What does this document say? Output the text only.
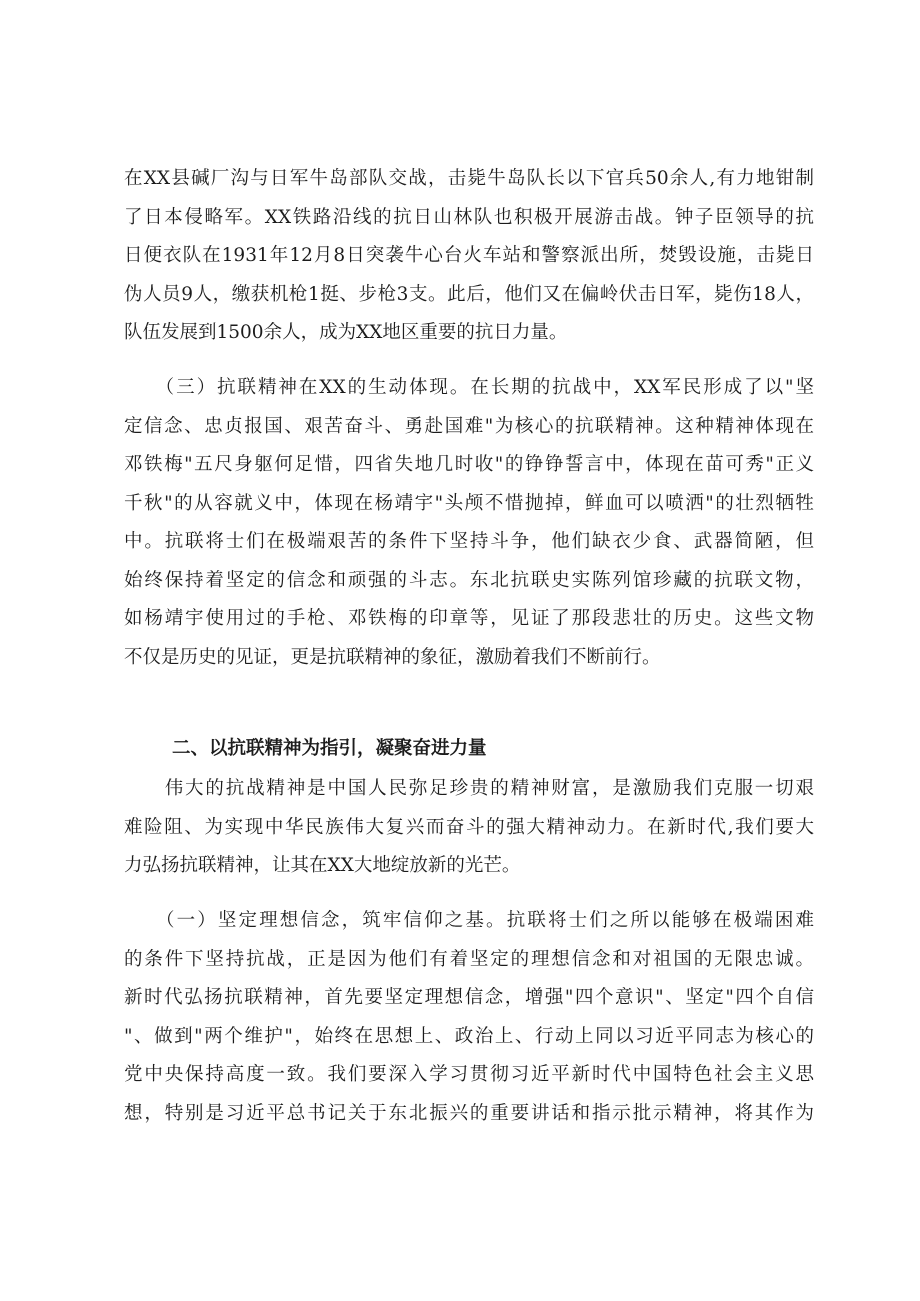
在XX县碱厂沟与日军牛岛部队交战，击毙牛岛队长以下官兵50余人,有力地钳制
了日本侵略军。XX铁路沿线的抗日山林队也积极开展游击战。钟子臣领导的抗
日便衣队在1931年12月8日突袭牛心台火车站和警察派出所，焚毁设施，击毙日
伪人员9人，缴获机枪1挺、步枪3支。此后，他们又在偏岭伏击日军，毙伤18人，
队伍发展到1500余人，成为XX地区重要的抗日力量。
　　（三）抗联精神在XX的生动体现。在长期的抗战中，XX军民形成了以"坚
定信念、忠贞报国、艰苦奋斗、勇赴国难"为核心的抗联精神。这种精神体现在
邓铁梅"五尺身躯何足惜，四省失地几时收"的铮铮誓言中，体现在苗可秀"正义
千秋"的从容就义中，体现在杨靖宇"头颅不惜抛掉，鲜血可以喷洒"的壮烈牺牲
中。抗联将士们在极端艰苦的条件下坚持斗争，他们缺衣少食、武器简陋，但
始终保持着坚定的信念和顽强的斗志。东北抗联史实陈列馆珍藏的抗联文物，
如杨靖宇使用过的手枪、邓铁梅的印章等，见证了那段悲壮的历史。这些文物
不仅是历史的见证，更是抗联精神的象征，激励着我们不断前行。
二、以抗联精神为指引，凝聚奋进力量
　　伟大的抗战精神是中国人民弥足珍贵的精神财富，是激励我们克服一切艰
难险阻、为实现中华民族伟大复兴而奋斗的强大精神动力。在新时代,我们要大
力弘扬抗联精神，让其在XX大地绽放新的光芒。
　　（一）坚定理想信念，筑牢信仰之基。抗联将士们之所以能够在极端困难
的条件下坚持抗战，正是因为他们有着坚定的理想信念和对祖国的无限忠诚。
新时代弘扬抗联精神，首先要坚定理想信念，增强"四个意识"、坚定"四个自信
"、做到"两个维护"，始终在思想上、政治上、行动上同以习近平同志为核心的
党中央保持高度一致。我们要深入学习贯彻习近平新时代中国特色社会主义思
想，特别是习近平总书记关于东北振兴的重要讲话和指示批示精神，将其作为
